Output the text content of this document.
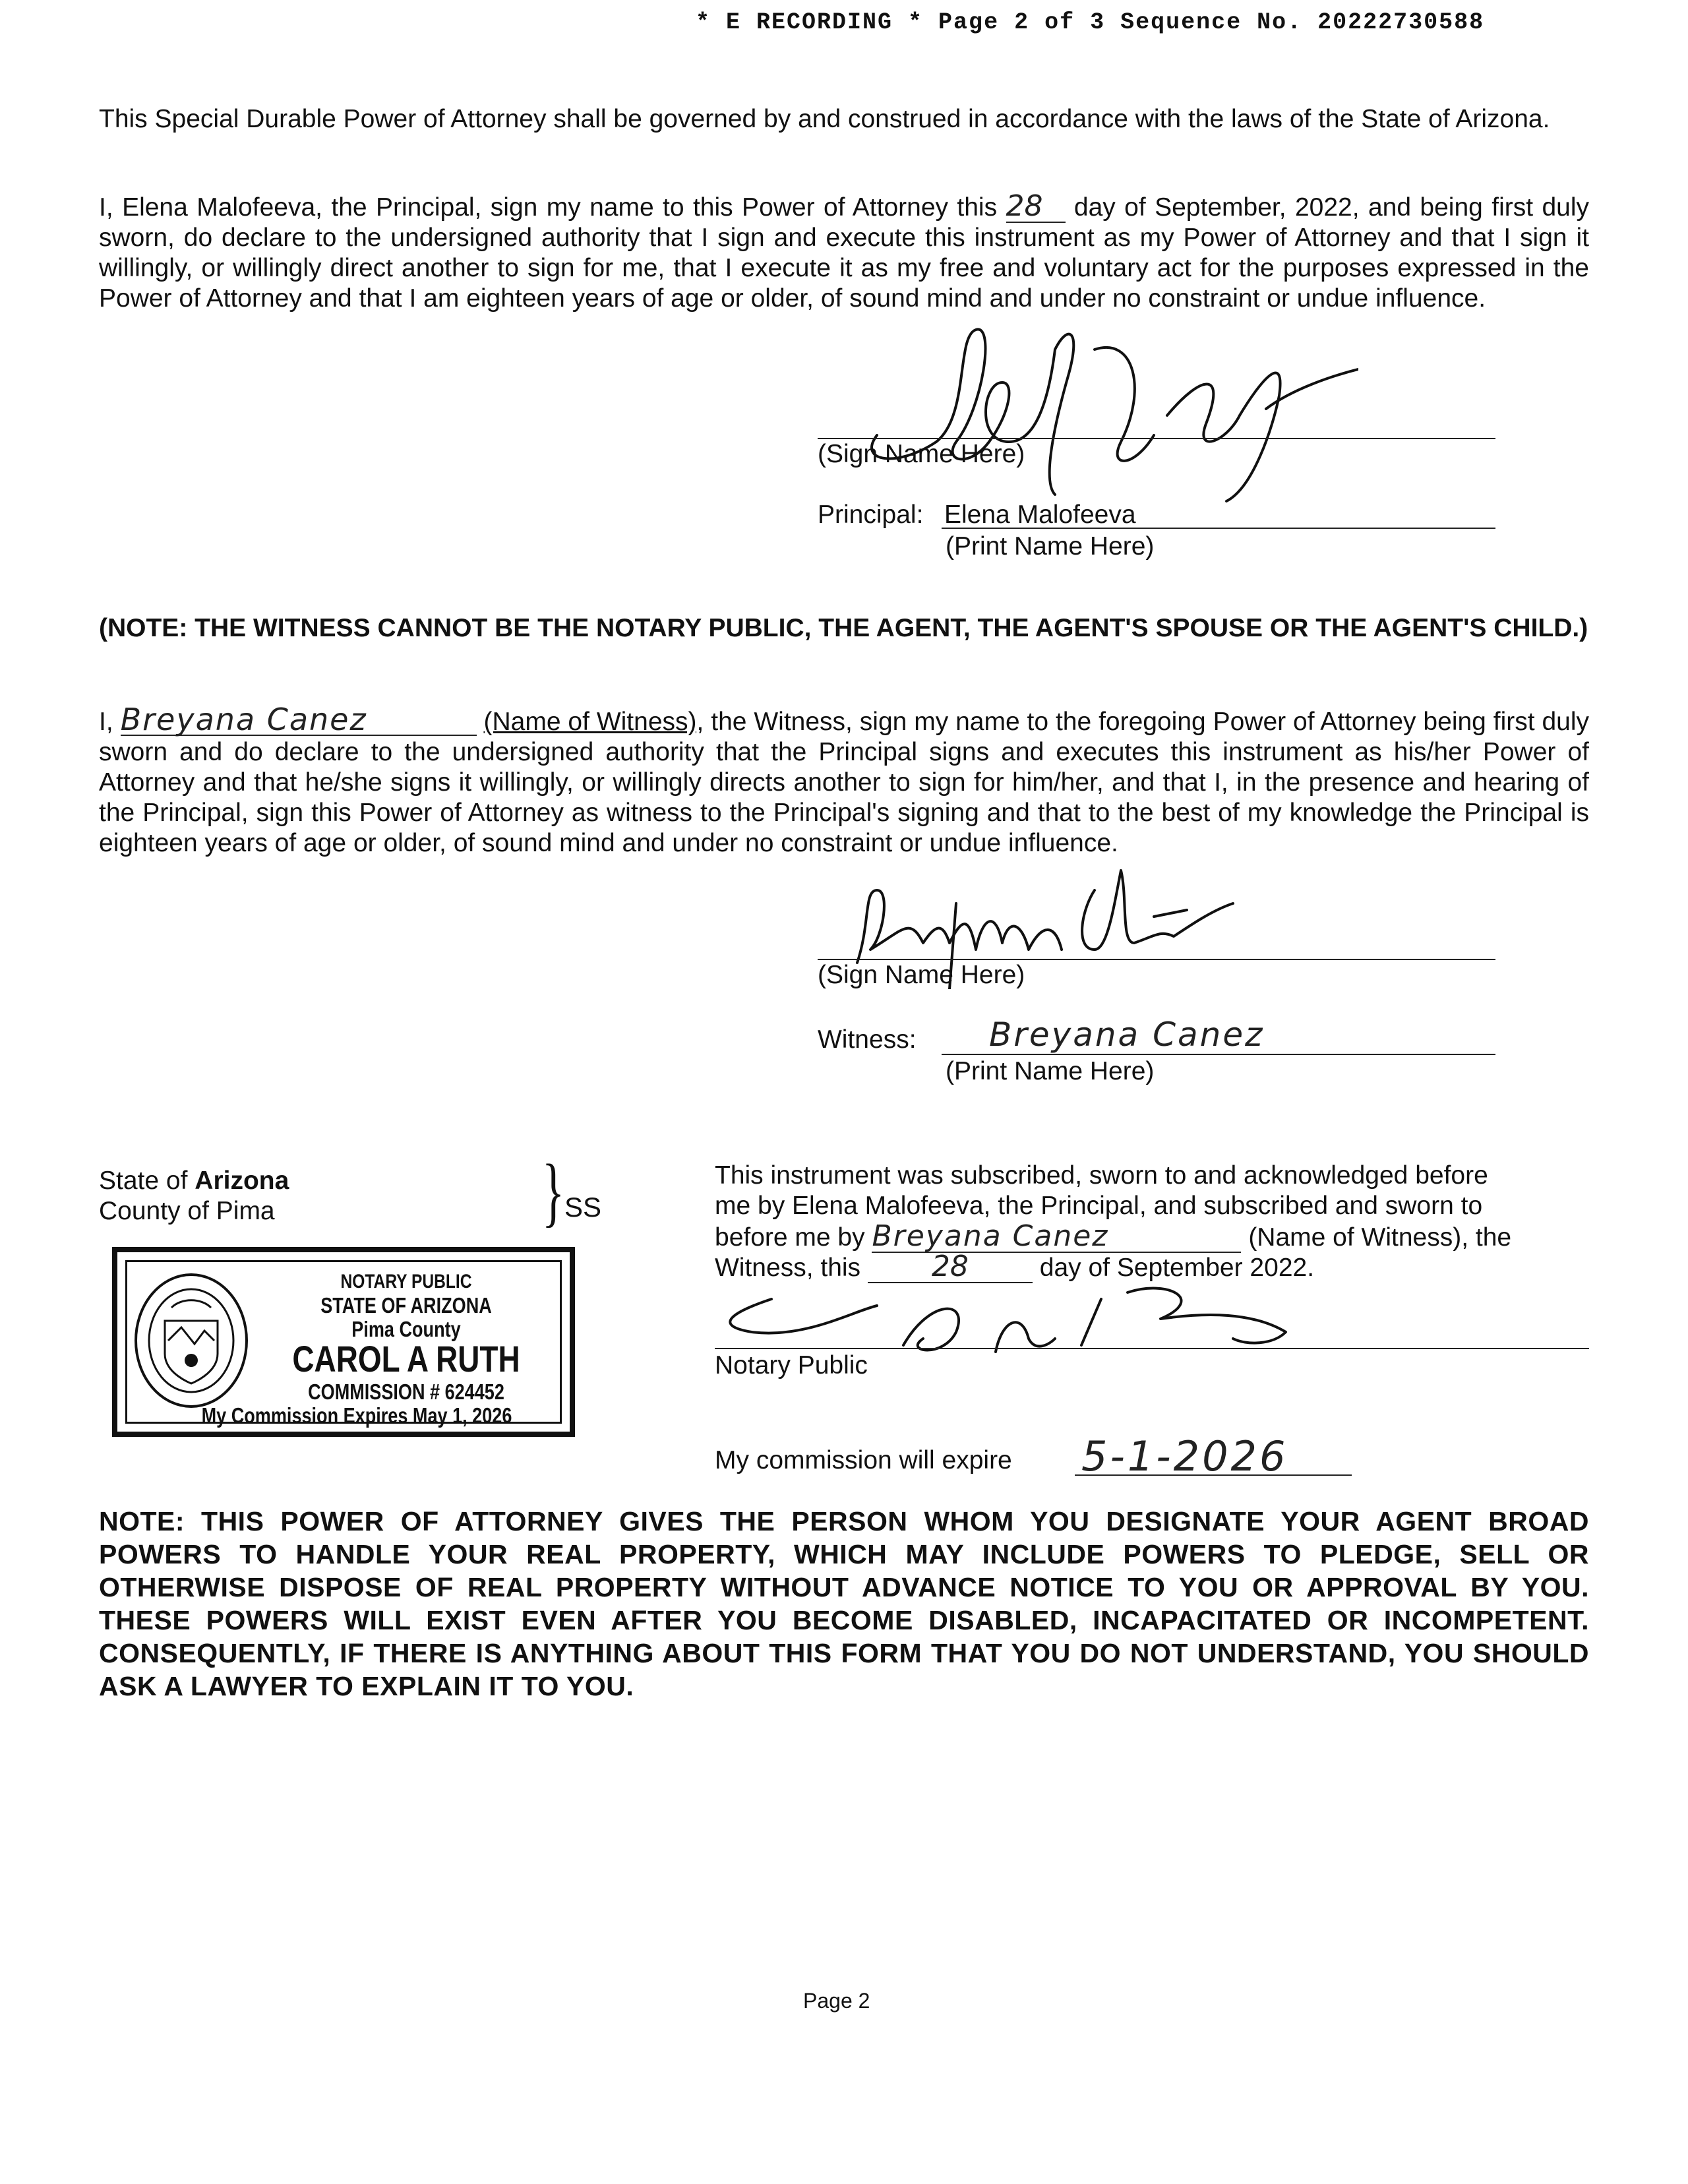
* E RECORDING * Page 2 of 3 Sequence No. 20222730588
This Special Durable Power of Attorney shall be governed by and construed in accordance with the laws of the State of Arizona.
I, Elena Malofeeva, the Principal, sign my name to this Power of Attorney this 28 day of September, 2022, and being first duly sworn, do declare to the undersigned authority that I sign and execute this instrument as my Power of Attorney and that I sign it willingly, or willingly direct another to sign for me, that I execute it as my free and voluntary act for the purposes expressed in the Power of Attorney and that I am eighteen years of age or older, of sound mind and under no constraint or undue influence.
(Sign Name Here)
Principal: Elena Malofeeva
(Print Name Here)
(NOTE: THE WITNESS CANNOT BE THE NOTARY PUBLIC, THE AGENT, THE AGENT'S SPOUSE OR THE AGENT'S CHILD.)
I, Breyana Canez	(Name of Witness), the Witness, sign my name to the foregoing Power of Attorney being first duly sworn and do declare to the undersigned authority that the Principal signs and executes this instrument as his/her Power of Attorney and that he/she signs it willingly, or willingly directs another to sign for him/her, and that I, in the presence and hearing of the Principal, sign this Power of Attorney as witness to the Principal's signing and that to the best of my knowledge the Principal is eighteen years of age or older, of sound mind and under no constraint or undue influence.
(Sign Name Here)
Witness: Breyana Canez
(Print Name Here)
State of Arizona
County of Pima	} SS
NOTARY PUBLIC
STATE OF ARIZONA
Pima County
CAROL A RUTH
COMMISSION # 624452
My Commission Expires May 1, 2026
This instrument was subscribed, sworn to and acknowledged before
me by Elena Malofeeva, the Principal, and subscribed and sworn to
before me by Breyana Canez	(Name of Witness), the
Witness, this 28	day of September 2022.
Notary Public
My commission will expire 5-1-2026
NOTE: THIS POWER OF ATTORNEY GIVES THE PERSON WHOM YOU DESIGNATE YOUR AGENT BROAD POWERS TO HANDLE YOUR REAL PROPERTY, WHICH MAY INCLUDE POWERS TO PLEDGE, SELL OR OTHERWISE DISPOSE OF REAL PROPERTY WITHOUT ADVANCE NOTICE TO YOU OR APPROVAL BY YOU. THESE POWERS WILL EXIST EVEN AFTER YOU BECOME DISABLED, INCAPACITATED OR INCOMPETENT. CONSEQUENTLY, IF THERE IS ANYTHING ABOUT THIS FORM THAT YOU DO NOT UNDERSTAND, YOU SHOULD ASK A LAWYER TO EXPLAIN IT TO YOU.
Page 2
